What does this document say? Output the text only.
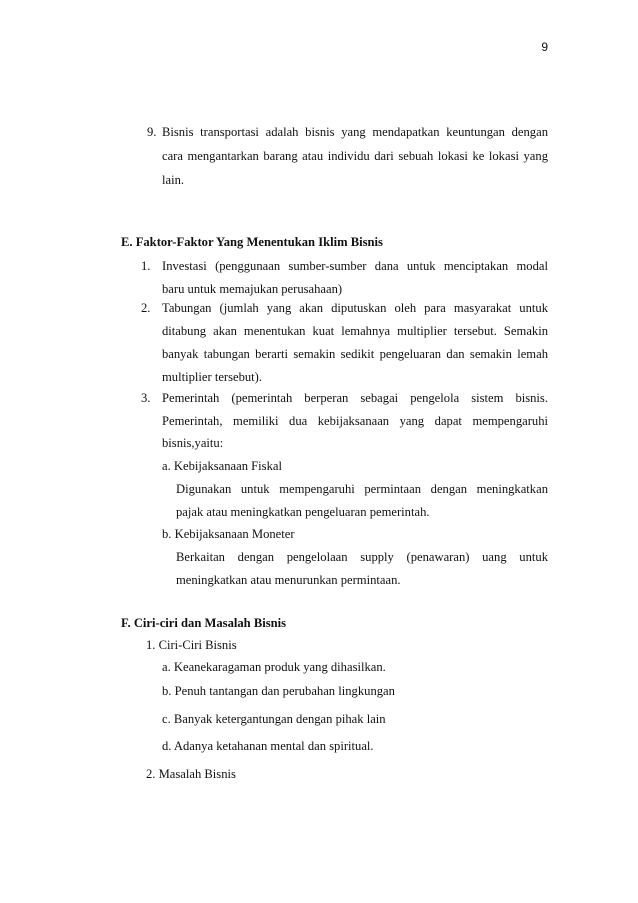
9
9. Bisnis transportasi adalah bisnis yang mendapatkan keuntungan dengan
cara mengantarkan barang atau individu dari sebuah lokasi ke lokasi yang
lain.
E. Faktor-Faktor Yang Menentukan Iklim Bisnis
1. Investasi (penggunaan sumber-sumber dana untuk menciptakan modal
baru untuk memajukan perusahaan)
2. Tabungan (jumlah yang akan diputuskan oleh para masyarakat untuk
ditabung akan menentukan kuat lemahnya multiplier tersebut. Semakin
banyak tabungan berarti semakin sedikit pengeluaran dan semakin lemah
multiplier tersebut).
3. Pemerintah (pemerintah berperan sebagai pengelola sistem bisnis.
Pemerintah, memiliki dua kebijaksanaan yang dapat mempengaruhi
bisnis,yaitu:
a. Kebijaksanaan Fiskal
Digunakan untuk mempengaruhi permintaan dengan meningkatkan
pajak atau meningkatkan pengeluaran pemerintah.
b. Kebijaksanaan Moneter
Berkaitan dengan pengelolaan supply (penawaran) uang untuk
meningkatkan atau menurunkan permintaan.
F. Ciri-ciri dan Masalah Bisnis
1. Ciri-Ciri Bisnis
a. Keanekaragaman produk yang dihasilkan.
b. Penuh tantangan dan perubahan lingkungan
c. Banyak ketergantungan dengan pihak lain
d. Adanya ketahanan mental dan spiritual.
2. Masalah Bisnis
